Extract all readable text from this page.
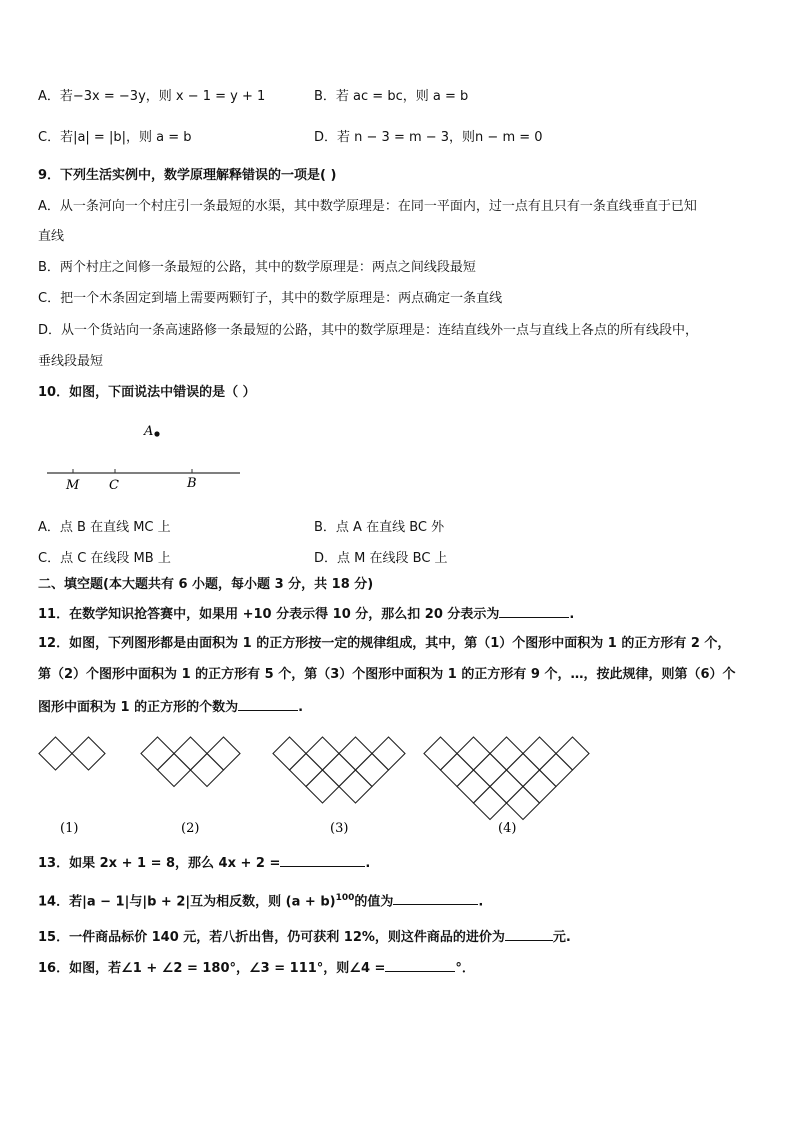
A．若−3x = −3y，则 x − 1 = y + 1	B．若 ac = bc，则 a = b
C．若|a| = |b|，则 a = b	D．若 n − 3 = m − 3，则n − m = 0
9．下列生活实例中，数学原理解释错误的一项是( )
A．从一条河向一个村庄引一条最短的水渠，其中数学原理是：在同一平面内，过一点有且只有一条直线垂直于已知
直线
B．两个村庄之间修一条最短的公路，其中的数学原理是：两点之间线段最短
C．把一个木条固定到墙上需要两颗钉子，其中的数学原理是：两点确定一条直线
D．从一个货站向一条高速路修一条最短的公路，其中的数学原理是：连结直线外一点与直线上各点的所有线段中，
垂线段最短
10．如图，下面说法中错误的是（ ）
A
M C	B
A．点 B 在直线 MC 上	B．点 A 在直线 BC 外
C．点 C 在线段 MB 上	D．点 M 在线段 BC 上
二、填空题(本大题共有 6 小题，每小题 3 分，共 18 分)
11．在数学知识抢答赛中，如果用 +10 分表示得 10 分，那么扣 20 分表示为	.
12．如图，下列图形都是由面积为 1 的正方形按一定的规律组成，其中，第（1）个图形中面积为 1 的正方形有 2 个，
第（2）个图形中面积为 1 的正方形有 5 个，第（3）个图形中面积为 1 的正方形有 9 个，…，按此规律，则第（6）个
图形中面积为 1 的正方形的个数为	.
(1)	(2)	(3)	(4)
13．如果 2x + 1 = 8，那么 4x + 2 =	.
14．若|a − 1|与|b + 2|互为相反数，则 $(a + b)^{100}$的值为	.
15．一件商品标价 140 元，若八折出售，仍可获利 12%，则这件商品的进价为	元.
16．如图，若∠1 + ∠2 = 180°，∠3 = 111°，则∠4 =	°．
